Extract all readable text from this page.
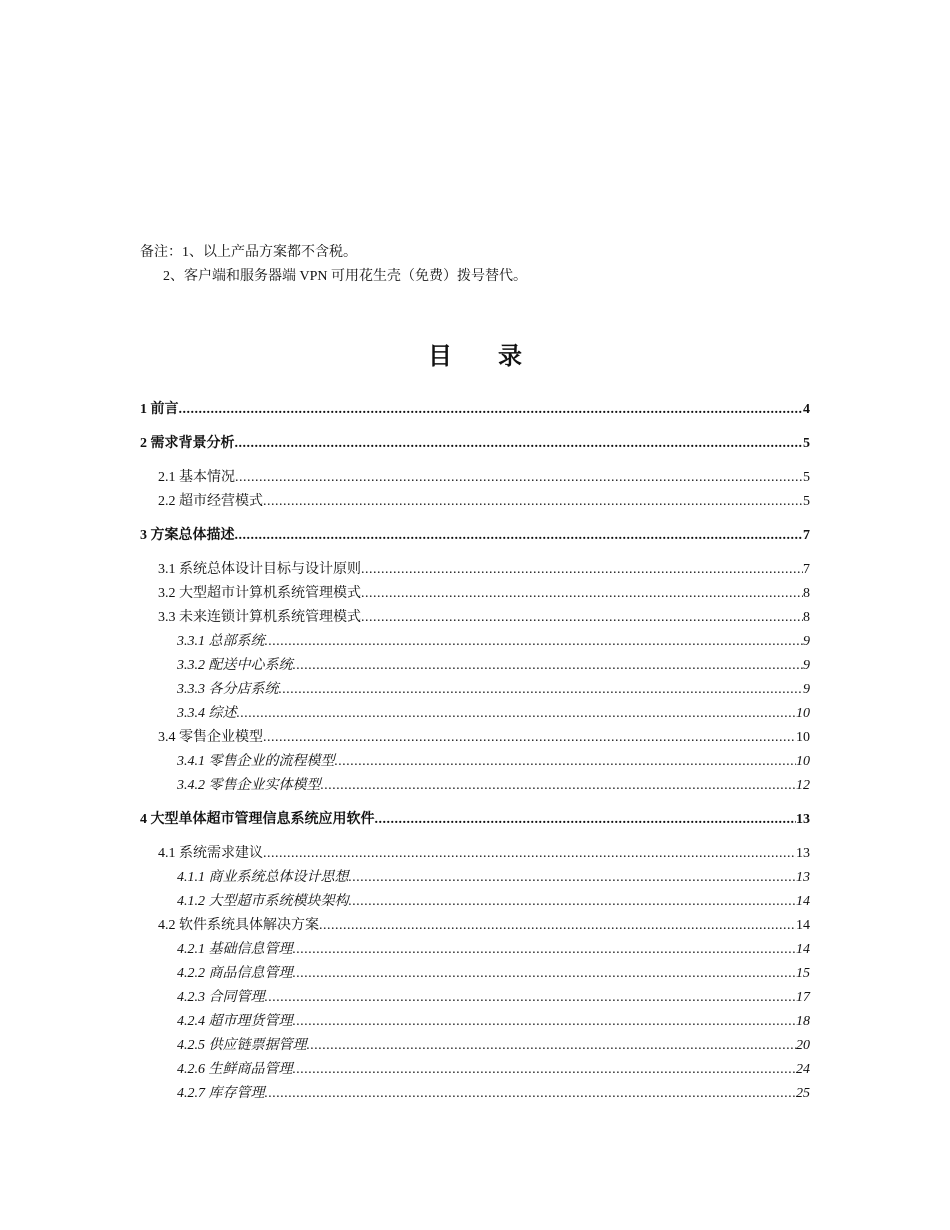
备注：1、以上产品方案都不含税。
2、客户端和服务器端 VPN 可用花生壳（免费）拨号替代。
目录
1 前言 .....	4
2 需求背景分析 .....	5
2.1 基本情况 .....	5
2.2 超市经营模式 .....	5
3 方案总体描述 .....	7
3.1 系统总体设计目标与设计原则 .....	7
3.2 大型超市计算机系统管理模式 .....	8
3.3 未来连锁计算机系统管理模式 .....	8
3.3.1 总部系统 .....	9
3.3.2 配送中心系统 .....	9
3.3.3 各分店系统 .....	9
3.3.4 综述 .....	10
3.4 零售企业模型 .....	10
3.4.1 零售企业的流程模型 .....	10
3.4.2 零售企业实体模型 .....	12
4 大型单体超市管理信息系统应用软件 .....	13
4.1 系统需求建议 .....	13
4.1.1 商业系统总体设计思想 .....	13
4.1.2 大型超市系统模块架构 .....	14
4.2 软件系统具体解决方案 .....	14
4.2.1 基础信息管理 .....	14
4.2.2 商品信息管理 .....	15
4.2.3 合同管理 .....	17
4.2.4 超市理货管理 .....	18
4.2.5 供应链票据管理 .....	20
4.2.6 生鲜商品管理 .....	24
4.2.7 库存管理 .....	25
